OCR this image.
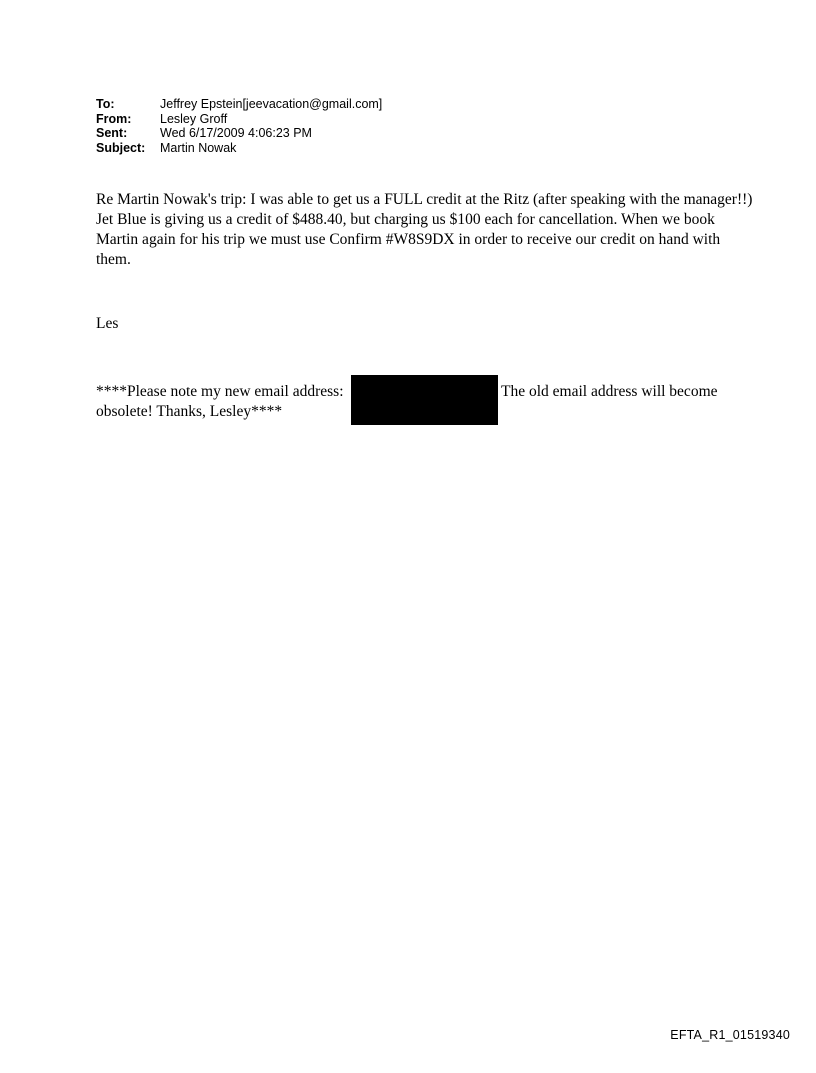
To:	Jeffrey Epstein[jeevacation@gmail.com]
From:	Lesley Groff
Sent:	Wed 6/17/2009 4:06:23 PM
Subject:	Martin Nowak
Re Martin Nowak's trip: I was able to get us a FULL credit at the Ritz (after speaking with the manager!!) Jet Blue is giving us a credit of $488.40, but charging us $100 each for cancellation. When we book Martin again for his trip we must use Confirm #W8S9DX in order to receive our credit on hand with them.
Les
****Please note my new email address:	The old email address will become
obsolete! Thanks, Lesley****
EFTA_R1_01519340
